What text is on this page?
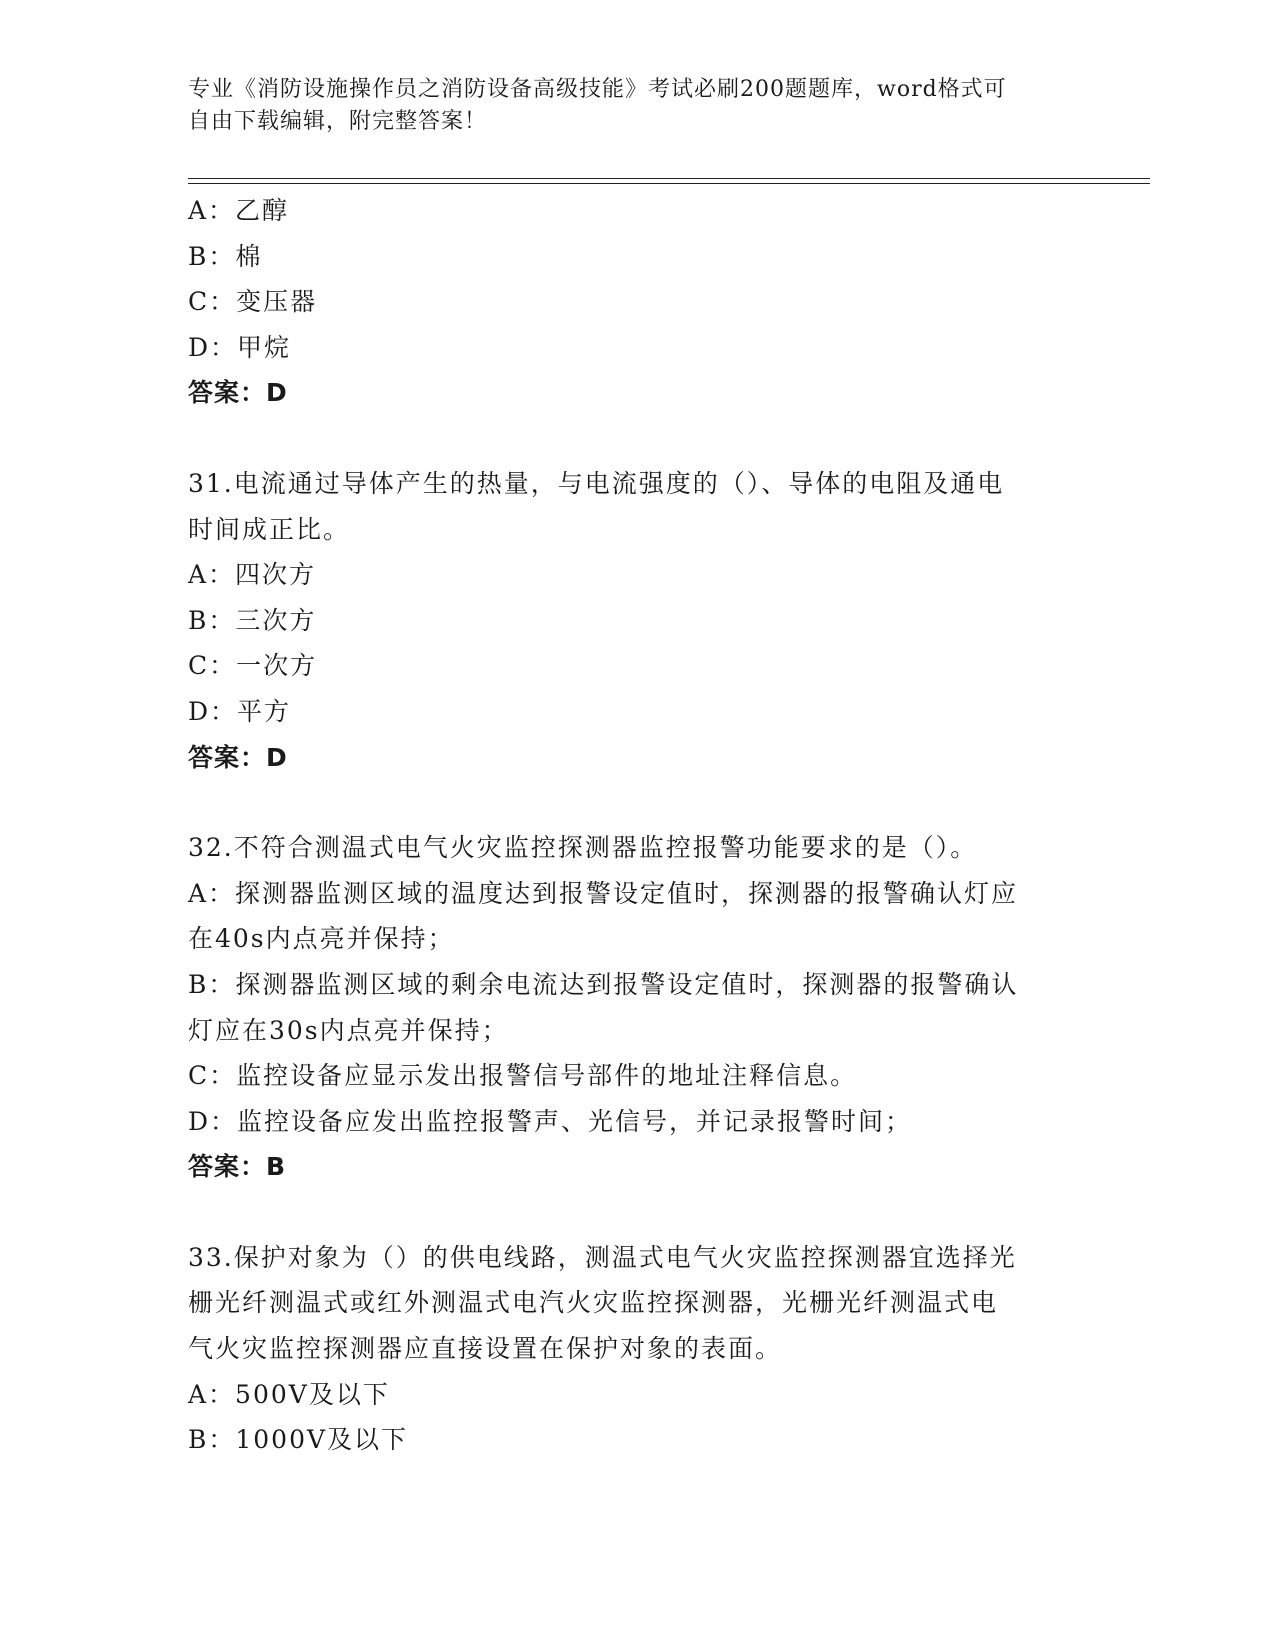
专业《消防设施操作员之消防设备高级技能》考试必刷200题题库，word格式可
自由下载编辑，附完整答案！
A：乙醇
B：棉
C：变压器
D：甲烷
答案：D
31.电流通过导体产生的热量，与电流强度的（）、导体的电阻及通电
时间成正比。
A：四次方
B：三次方
C：一次方
D：平方
答案：D
32.不符合测温式电气火灾监控探测器监控报警功能要求的是（）。
A：探测器监测区域的温度达到报警设定值时，探测器的报警确认灯应
在40s内点亮并保持；
B：探测器监测区域的剩余电流达到报警设定值时，探测器的报警确认
灯应在30s内点亮并保持；
C：监控设备应显示发出报警信号部件的地址注释信息。
D：监控设备应发出监控报警声、光信号，并记录报警时间；
答案：B
33.保护对象为（）的供电线路，测温式电气火灾监控探测器宜选择光
栅光纤测温式或红外测温式电汽火灾监控探测器，光栅光纤测温式电
气火灾监控探测器应直接设置在保护对象的表面。
A：500V及以下
B：1000V及以下
